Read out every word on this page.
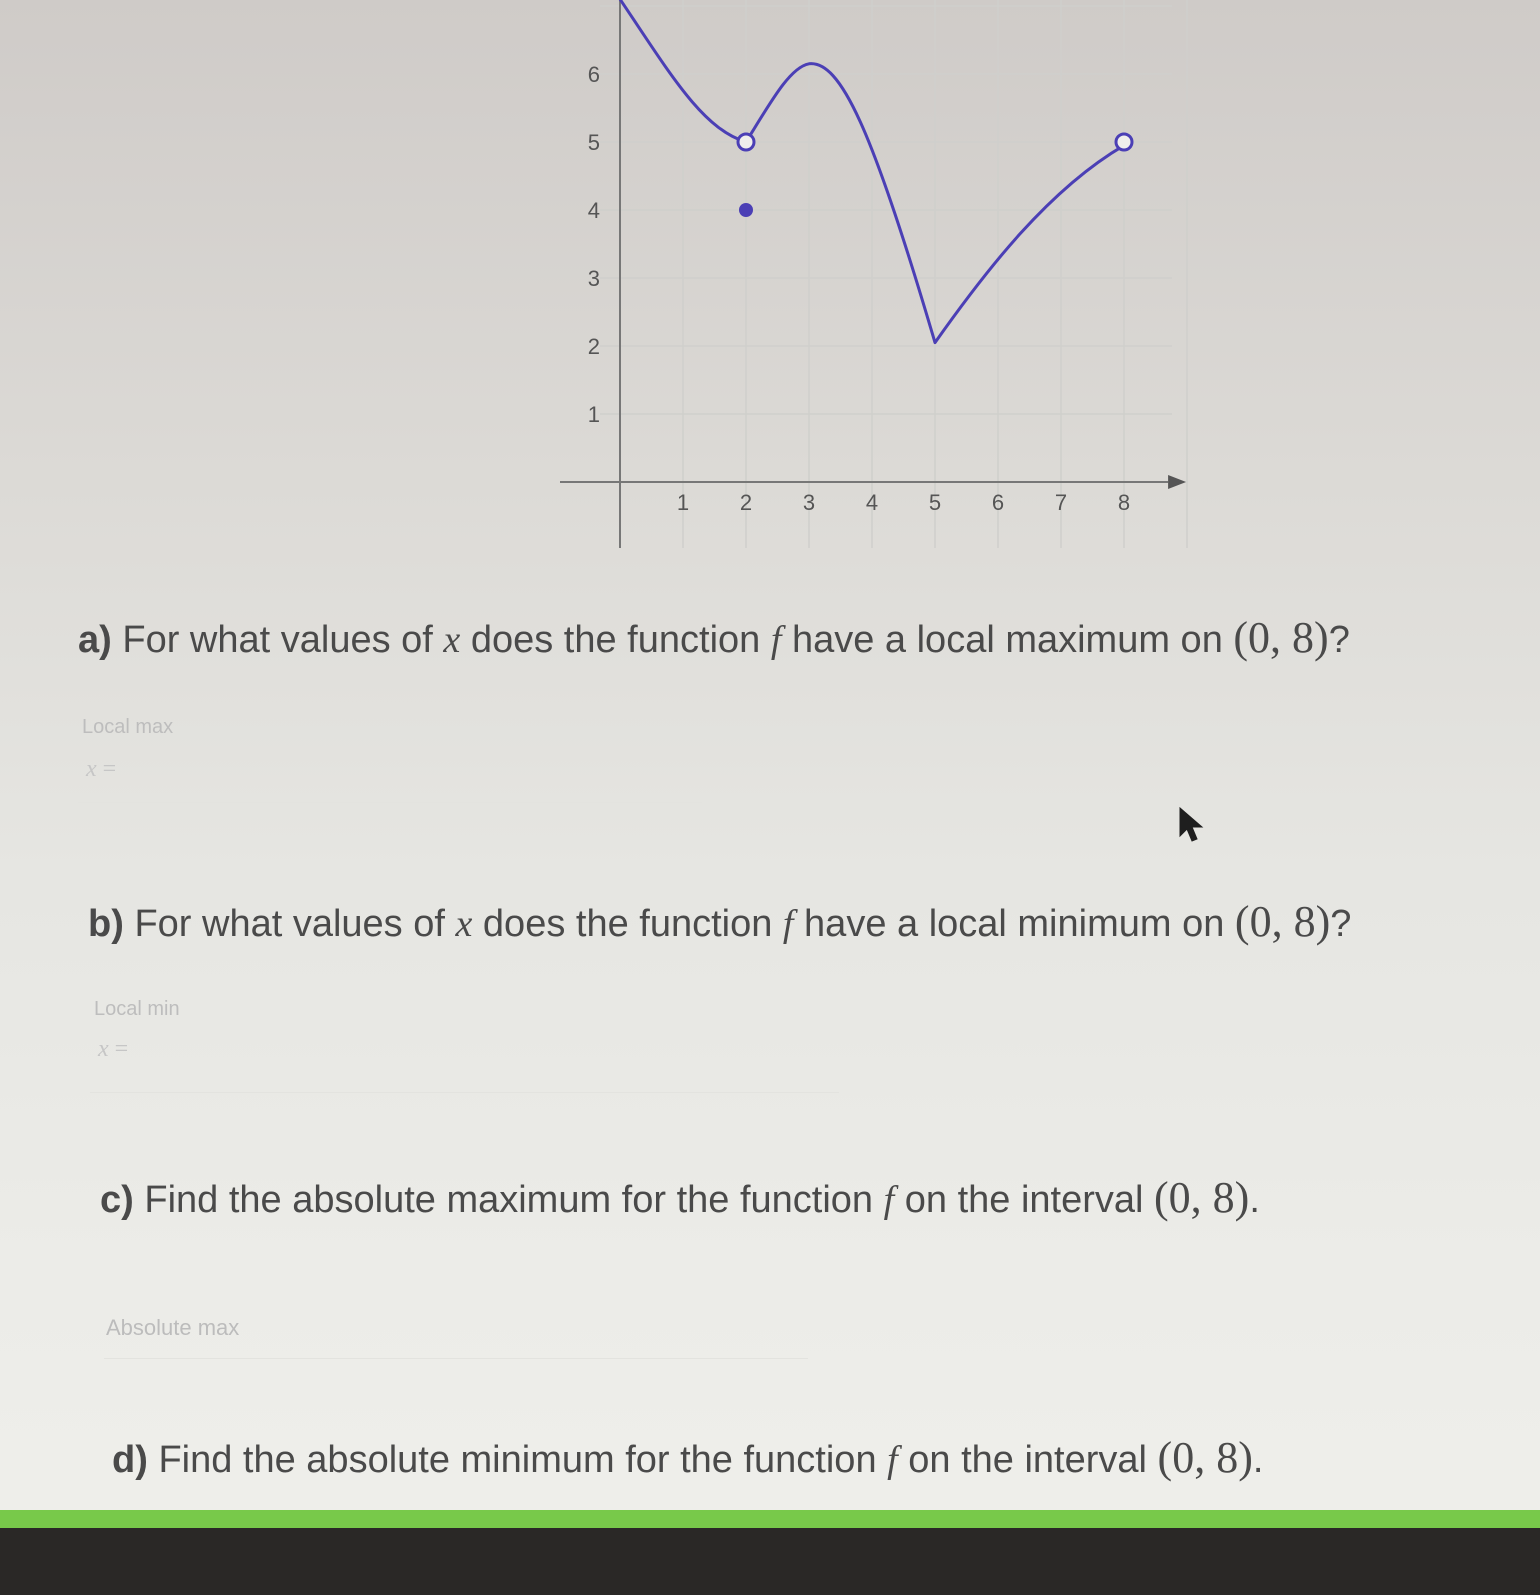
1 2 3 4 5 6 7 8
1
2
3
4
5
6
a) For what values of x does the function f have a local maximum on (0, 8)?
Local max
x =
b) For what values of x does the function f have a local minimum on (0, 8)?
Local min
x =
c) Find the absolute maximum for the function f on the interval (0, 8).
Absolute max
d) Find the absolute minimum for the function f on the interval (0, 8).
